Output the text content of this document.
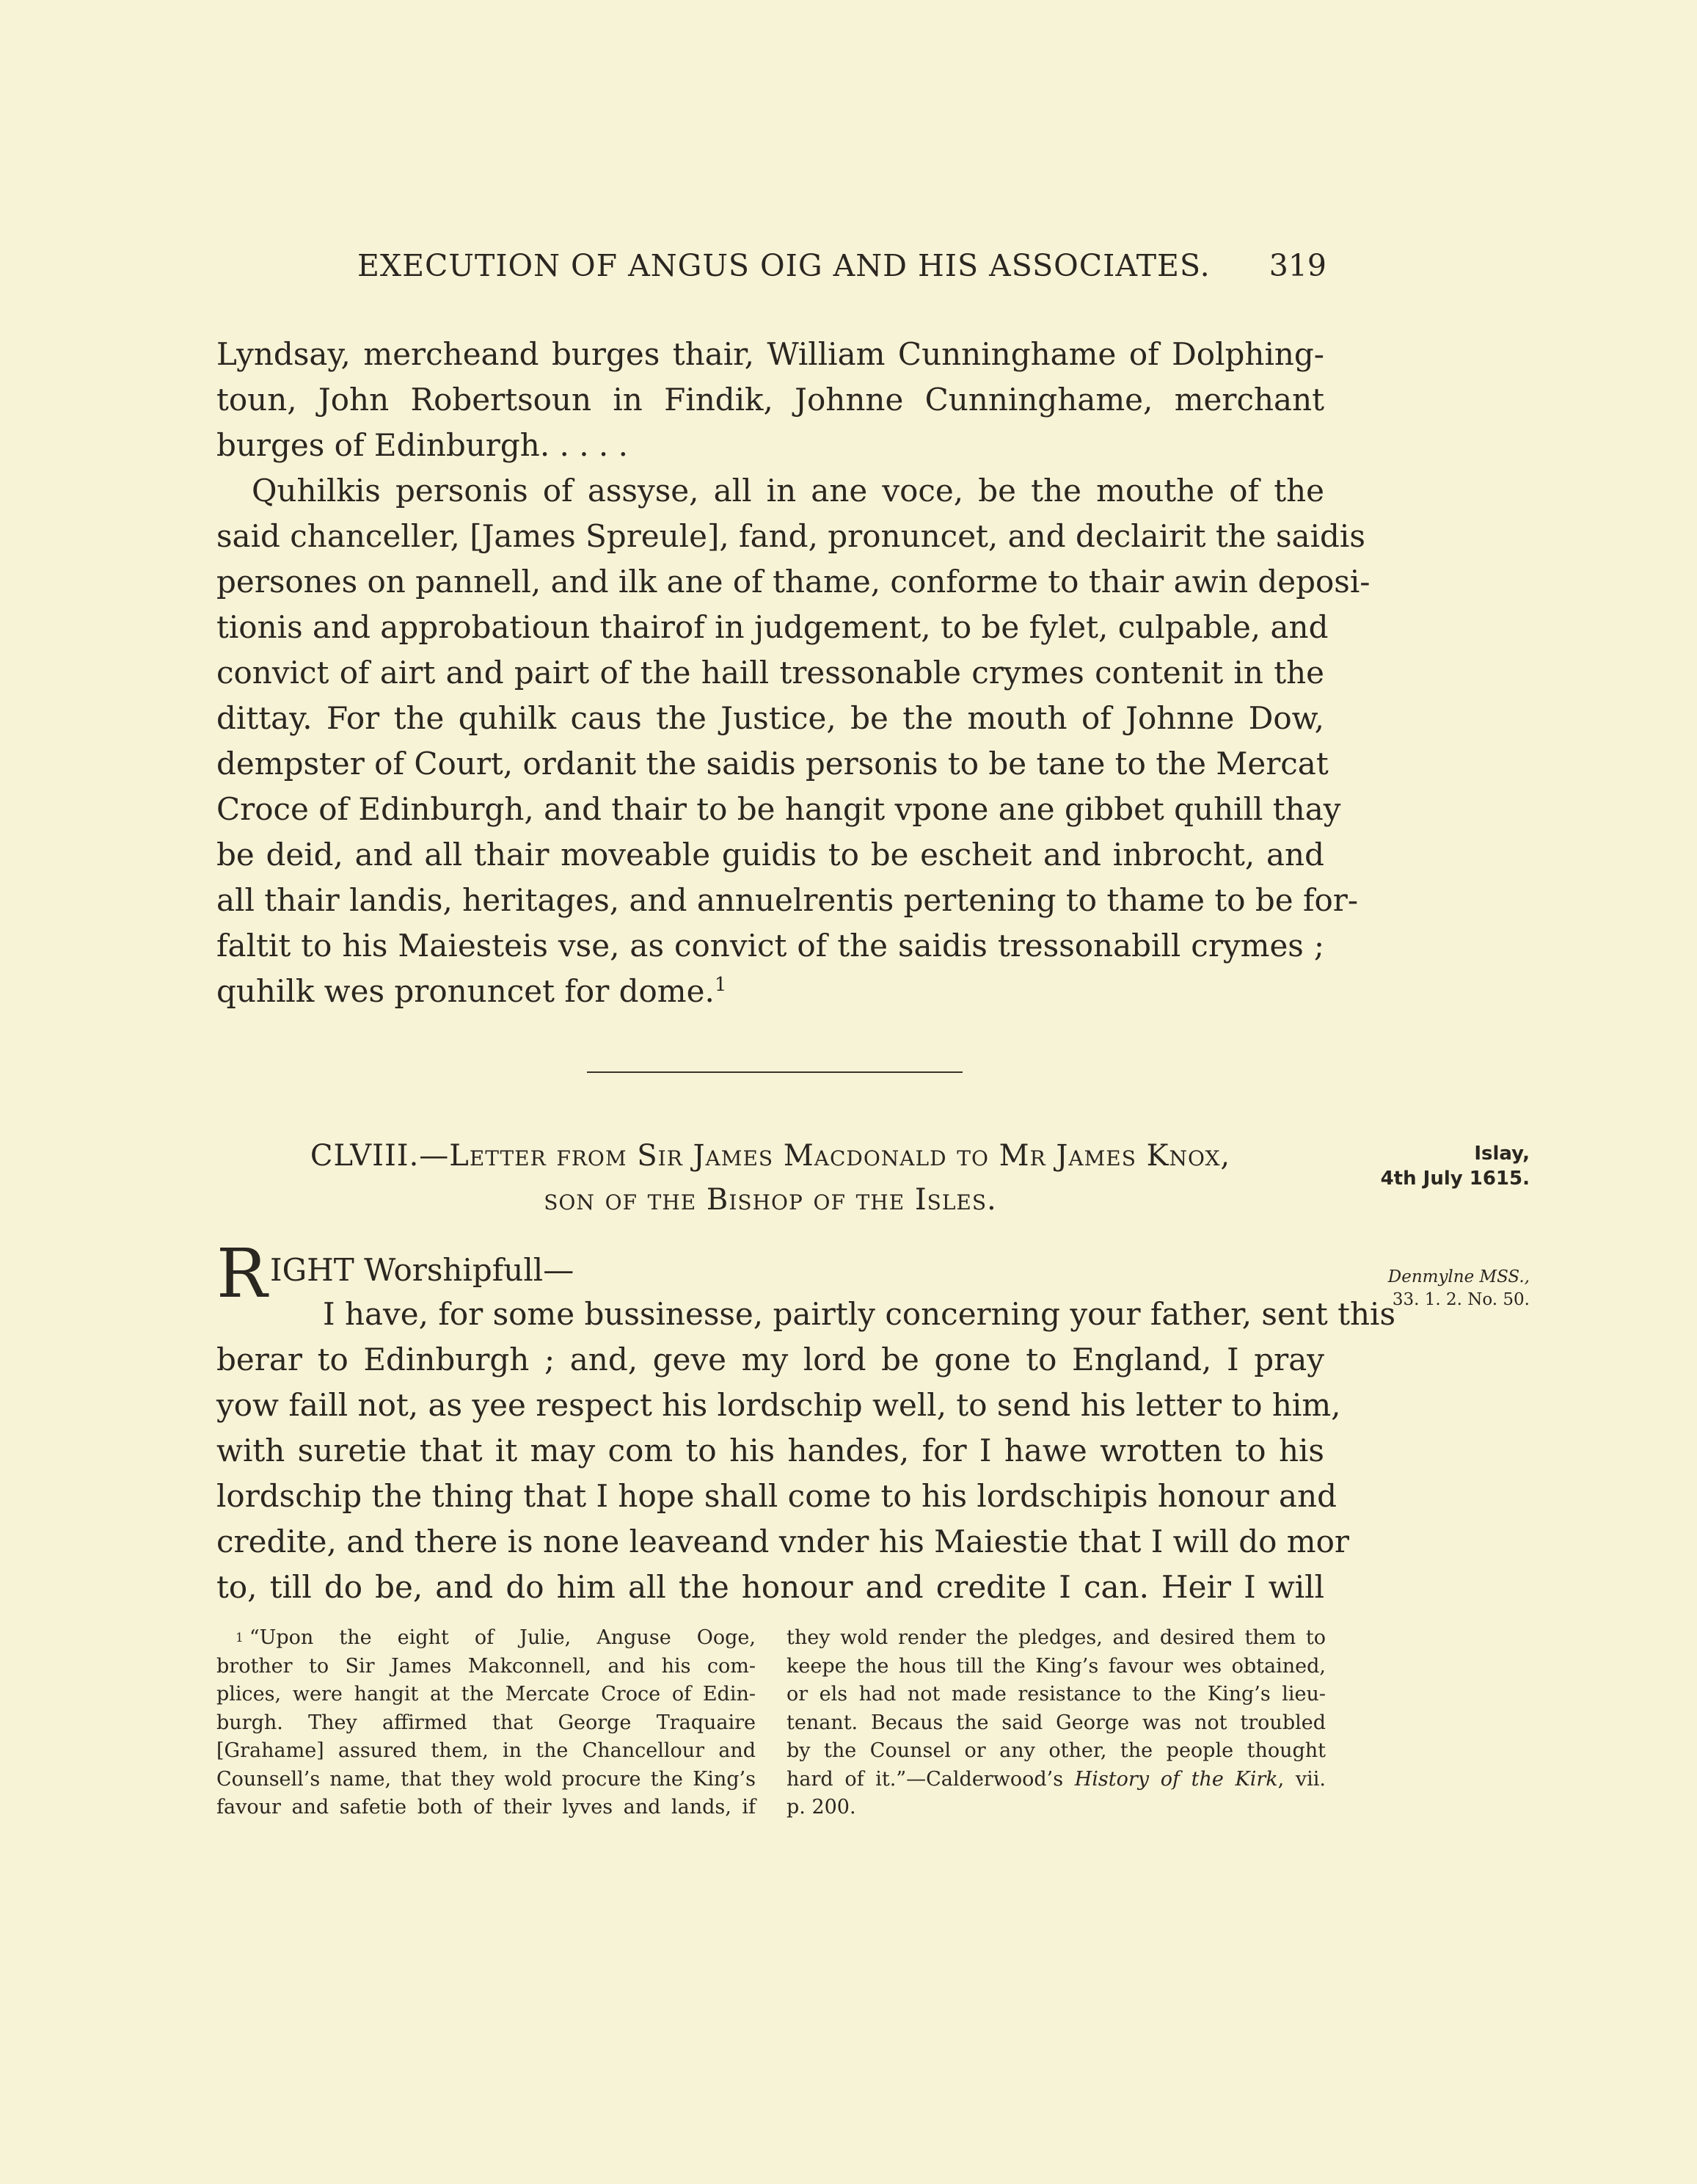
EXECUTION OF ANGUS OIG AND HIS ASSOCIATES. 319
Lyndsay, mercheand burges thair, William Cunninghame of Dolphing-
toun, John Robertsoun in Findik, Johnne Cunninghame, merchant
burges of Edinburgh. . . . .
Quhilkis personis of assyse, all in ane voce, be the mouthe of the
said chanceller, [James Spreule], fand, pronuncet, and declairit the saidis
persones on pannell, and ilk ane of thame, conforme to thair awin deposi-
tionis and approbatioun thairof in judgement, to be fylet, culpable, and
convict of airt and pairt of the haill tressonable crymes contenit in the
dittay. For the quhilk caus the Justice, be the mouth of Johnne Dow,
dempster of Court, ordanit the saidis personis to be tane to the Mercat
Croce of Edinburgh, and thair to be hangit vpone ane gibbet quhill thay
be deid, and all thair moveable guidis to be escheit and inbrocht, and
all thair landis, heritages, and annuelrentis pertening to thame to be for-
faltit to his Maiesteis vse, as convict of the saidis tressonabill crymes ;
quhilk wes pronuncet for dome.$^1$
CLVIII.—Letter from Sir James Macdonald to Mr James Knox,
son of the Bishop of the Isles.
Islay,
4th July 1615.
Denmylne MSS.,
33. 1. 2. No. 50.
R IGHT Worshipfull—
I have, for some bussinesse, pairtly concerning your father, sent this
berar to Edinburgh ; and, geve my lord be gone to England, I pray
yow faill not, as yee respect his lordschip well, to send his letter to him,
with suretie that it may com to his handes, for I hawe wrotten to his
lordschip the thing that I hope shall come to his lordschipis honour and
credite, and there is none leaveand vnder his Maiestie that I will do mor
to, till do be, and do him all the honour and credite I can. Heir I will
$^1$ “Upon the eight of Julie, Anguse Ooge,
brother to Sir James Makconnell, and his com-
plices, were hangit at the Mercate Croce of Edin-
burgh. They affirmed that George Traquaire
[Grahame] assured them, in the Chancellour and
Counsell’s name, that they wold procure the King’s
favour and safetie both of their lyves and lands, if
they wold render the pledges, and desired them to
keepe the hous till the King’s favour wes obtained,
or els had not made resistance to the King’s lieu-
tenant. Becaus the said George was not troubled
by the Counsel or any other, the people thought
hard of it.”—Calderwood’s History of the Kirk, vii.
p. 200.
